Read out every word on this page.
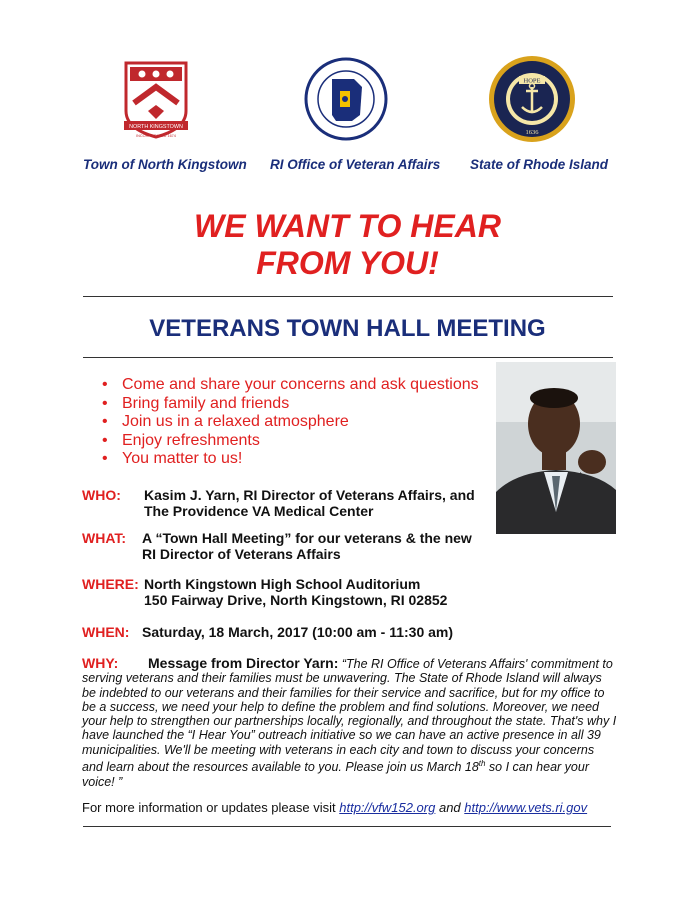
NORTH KINGSTOWN
INCORPORATED 1674
HOPE
1636
Town of North Kingstown RI Office of Veteran Affairs State of Rhode Island
WE WANT TO HEAR
FROM YOU!
VETERANS TOWN HALL MEETING
• Come and share your concerns and ask questions
• Bring family and friends
• Join us in a relaxed atmosphere
• Enjoy refreshments
• You matter to us!
WHO: Kasim J. Yarn, RI Director of Veterans Affairs, and
The Providence VA Medical Center
WHAT: A “Town Hall Meeting” for our veterans & the new
RI Director of Veterans Affairs
WHERE: North Kingstown High School Auditorium
150 Fairway Drive, North Kingstown, RI 02852
WHEN: Saturday, 18 March, 2017 (10:00 am - 11:30 am)
WHY: Message from Director Yarn: “The RI Office of Veterans Affairs' commitment to serving veterans and their families must be unwavering. The State of Rhode Island will always be indebted to our veterans and their families for their service and sacrifice, but for my office to be a success, we need your help to define the problem and find solutions. Moreover, we need your help to strengthen our partnerships locally, regionally, and throughout the state. That's why I have launched the “I Hear You” outreach initiative so we can have an active presence in all 39 municipalities. We'll be meeting with veterans in each city and town to discuss your concerns and learn about the resources available to you. Please join us March 18th so I can hear your voice! ”
For more information or updates please visit http://vfw152.org and http://www.vets.ri.gov
